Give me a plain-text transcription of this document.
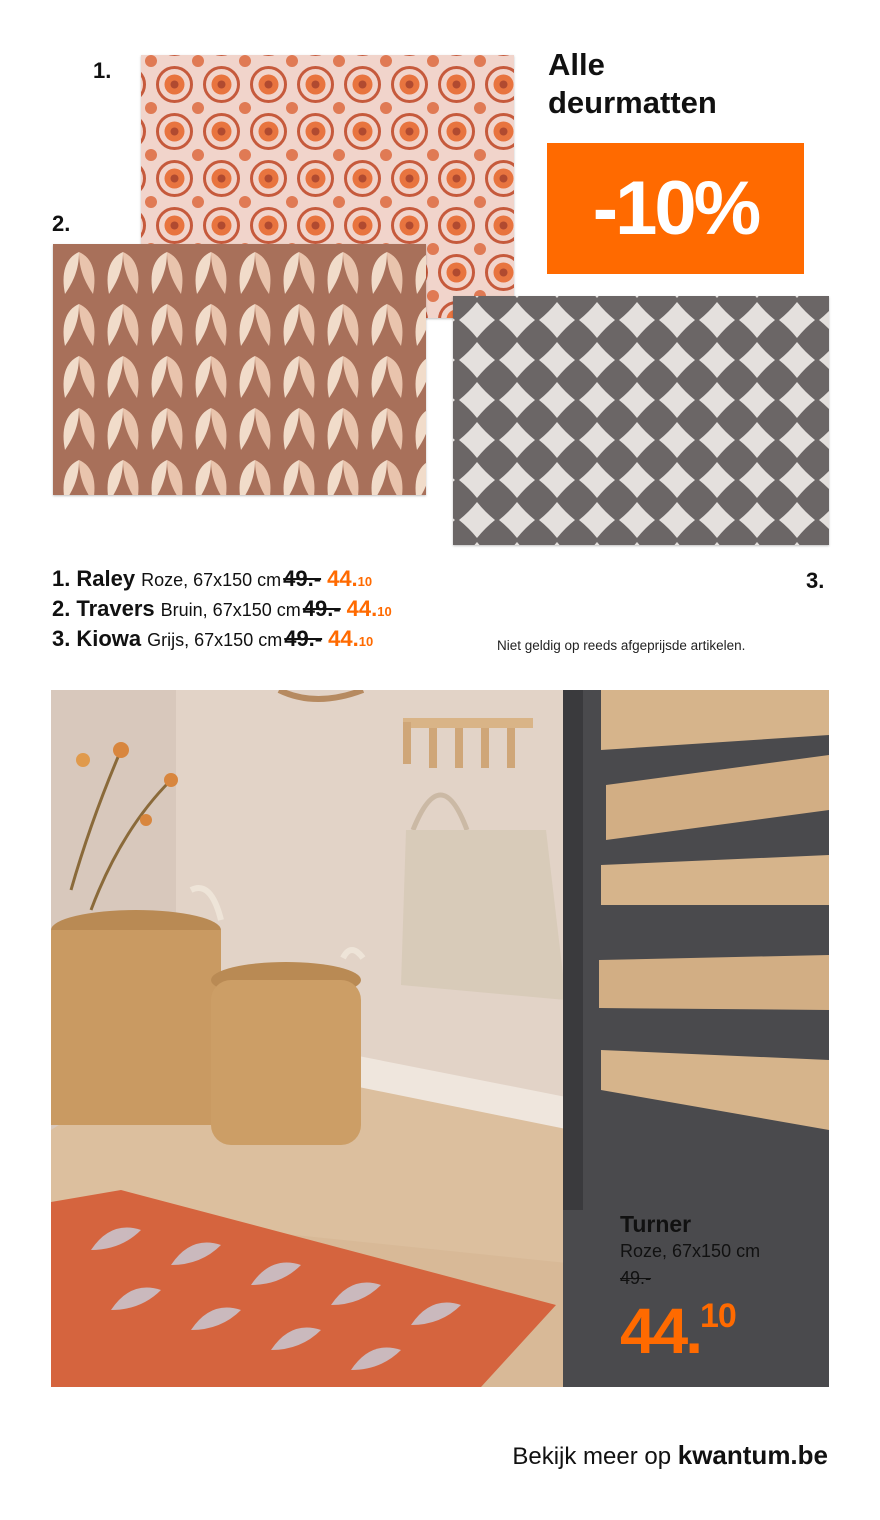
1.
2.
Alle
deurmatten
-10%
1. Raley Roze, 67x150 cm 49.- 44. 10
2. Travers Bruin, 67x150 cm 49.- 44. 10
3. Kiowa Grijs, 67x150 cm 49.- 44. 10
3.
Niet geldig op reeds afgeprijsde artikelen.
Turner
Roze, 67x150 cm
49.-
44.10
Bekijk meer op kwantum.be
